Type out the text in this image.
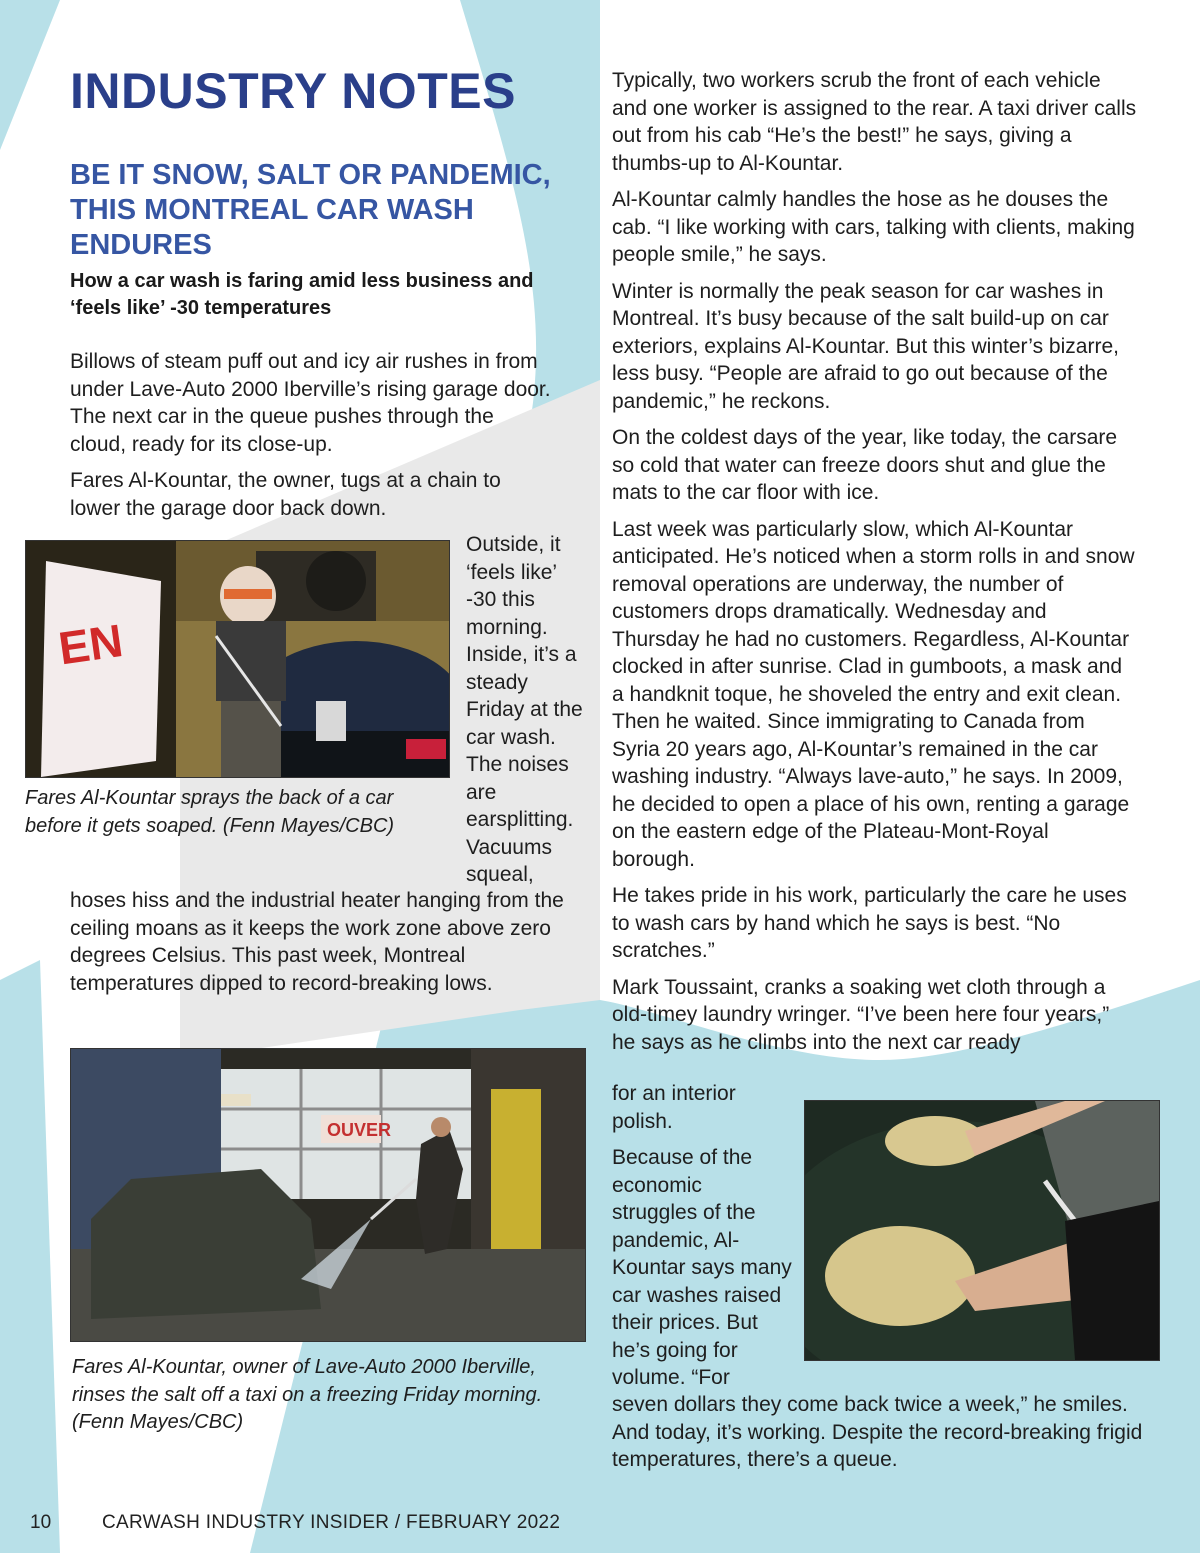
INDUSTRY NOTES
BE IT SNOW, SALT OR PANDEMIC, THIS MONTREAL CAR WASH ENDURES

How a car wash is faring amid less business and ‘feels like’ -30 temperatures

Billows of steam puff out and icy air rushes in from under Lave-Auto 2000 Iberville’s rising garage door. The next car in the queue pushes through the cloud, ready for its close-up.

Fares Al-Kountar, the owner, tugs at a chain to lower the garage door back down.

EN

Fares Al-Kountar sprays the back of a car before it gets soaped. (Fenn Mayes/CBC)

Outside, it ‘feels like’ -30 this morning. Inside, it’s a steady Friday at the car wash. The noises are earsplitting. Vacuums squeal,

hoses hiss and the industrial heater hanging from the ceiling moans as it keeps the work zone above zero degrees Celsius. This past week, Montreal temperatures dipped to record-breaking lows.

OUVER

Fares Al-Kountar, owner of Lave-Auto 2000 Iberville, rinses the salt off a taxi on a freezing Friday morning. (Fenn Mayes/CBC)

Typically, two workers scrub the front of each vehicle and one worker is assigned to the rear. A taxi driver calls out from his cab “He’s the best!” he says, giving a thumbs-up to Al-Kountar.

Al-Kountar calmly handles the hose as he douses the cab. “I like working with cars, talking with clients, making people smile,” he says.

Winter is normally the peak season for car washes in Montreal. It’s busy because of the salt build-up on car exteriors, explains Al-Kountar. But this winter’s bizarre, less busy. “People are afraid to go out because of the pandemic,” he reckons.

On the coldest days of the year, like today, the carsare so cold that water can freeze doors shut and glue the mats to the car floor with ice.

Last week was particularly slow, which Al-Kountar anticipated. He’s noticed when a storm rolls in and snow removal operations are underway, the number of customers drops dramatically. Wednesday and Thursday he had no customers. Regardless, Al-Kountar clocked in after sunrise. Clad in gumboots, a mask and a handknit toque, he shoveled the entry and exit clean. Then he waited. Since immigrating to Canada from Syria 20 years ago, Al-Kountar’s remained in the car washing industry. “Always lave-auto,” he says. In 2009, he decided to open a place of his own, renting a garage on the eastern edge of the Plateau-Mont-Royal borough.

He takes pride in his work, particularly the care he uses to wash cars by hand which he says is best. “No scratches.”

Mark Toussaint, cranks a soaking wet cloth through a old-timey laundry wringer. “I’ve been here four years,” he says as he climbs into the next car ready

for an interior polish.

Because of the economic struggles of the pandemic, Al-Kountar says many car washes raised their prices. But he’s going for volume. “For

seven dollars they come back twice a week,” he smiles. And today, it’s working. Despite the record-breaking frigid temperatures, there’s a queue.

10	CARWASH INDUSTRY INSIDER / FEBRUARY 2022
